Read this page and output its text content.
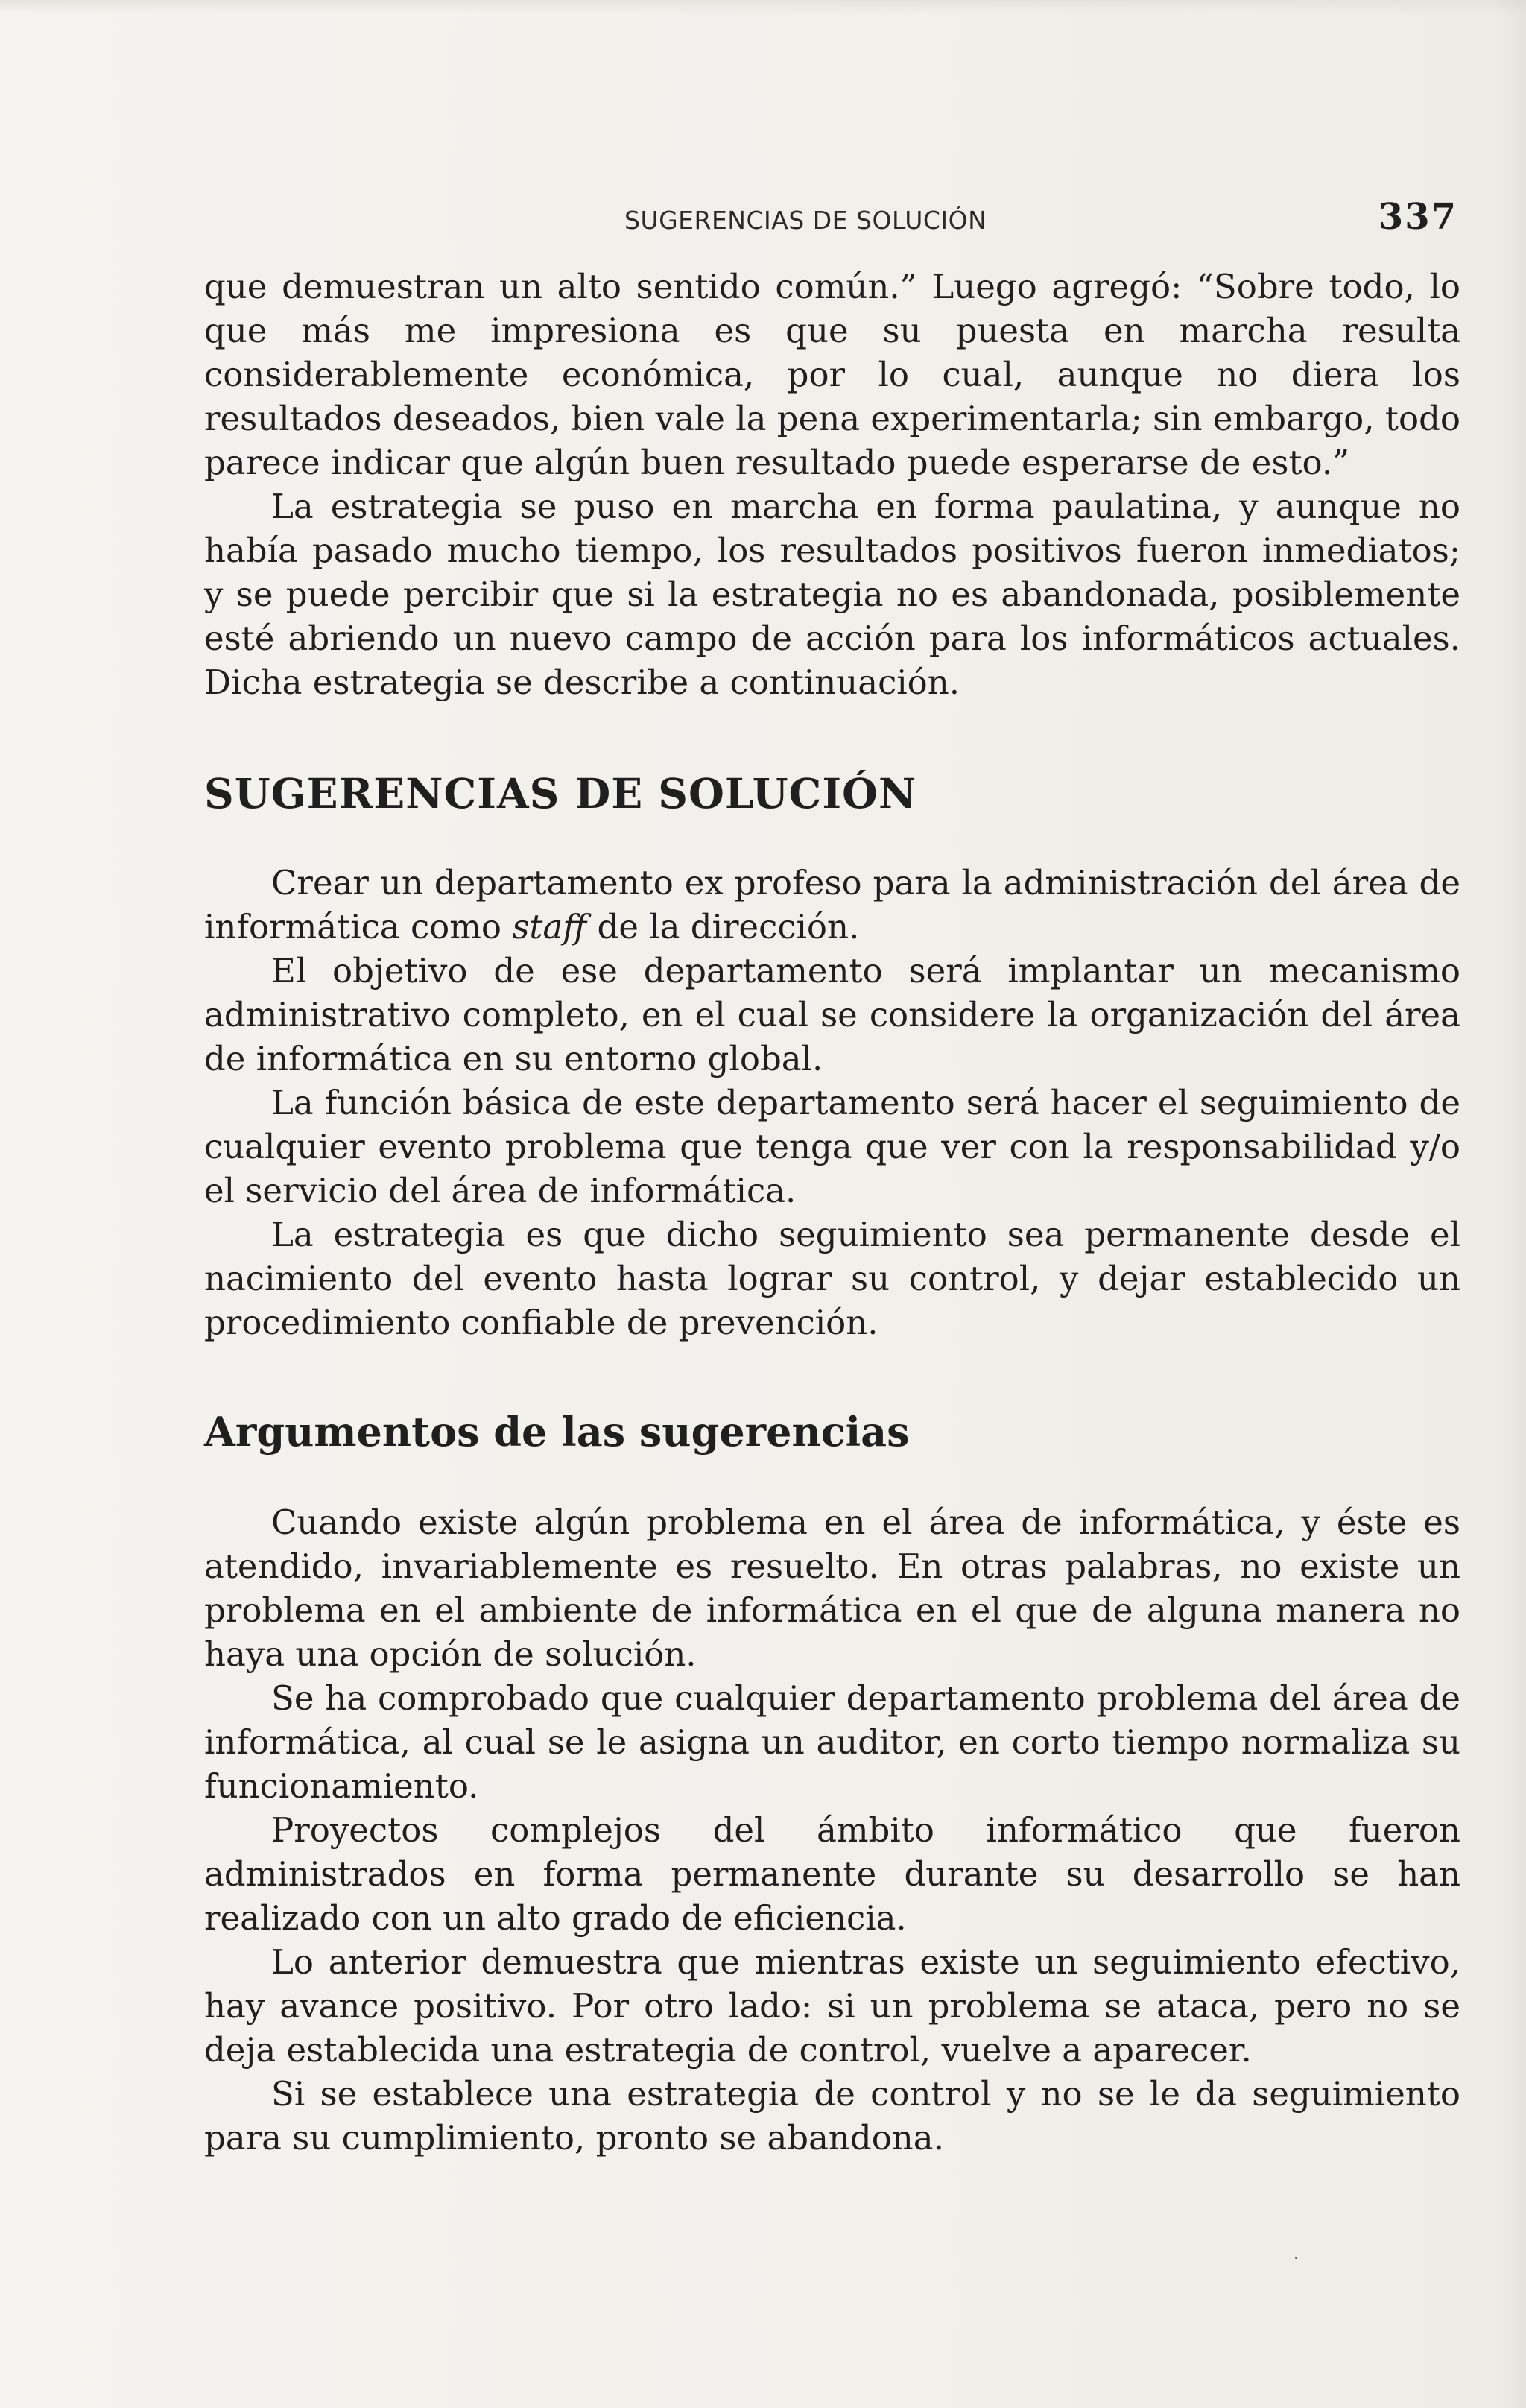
SUGERENCIAS DE SOLUCIÓN	337

que demuestran un alto sentido común.” Luego agregó: “Sobre todo, lo que más me impresiona es que su puesta en marcha resulta considerablemente económica, por lo cual, aunque no diera los resultados deseados, bien vale la pena experimentarla; sin embargo, todo parece indicar que algún buen resultado puede esperarse de esto.”

La estrategia se puso en marcha en forma paulatina, y aunque no había pasado mucho tiempo, los resultados positivos fueron inmediatos; y se puede percibir que si la estrategia no es abandonada, posiblemente esté abriendo un nuevo campo de acción para los informáticos actuales. Dicha estrategia se describe a continuación.

SUGERENCIAS DE SOLUCIÓN

Crear un departamento ex profeso para la administración del área de informática como staff de la dirección.

El objetivo de ese departamento será implantar un mecanismo administrativo completo, en el cual se considere la organización del área de informática en su entorno global.

La función básica de este departamento será hacer el seguimiento de cualquier evento problema que tenga que ver con la responsabilidad y/o el servicio del área de informática.

La estrategia es que dicho seguimiento sea permanente desde el nacimiento del evento hasta lograr su control, y dejar establecido un procedimiento confiable de prevención.

Argumentos de las sugerencias

Cuando existe algún problema en el área de informática, y éste es atendido, invariablemente es resuelto. En otras palabras, no existe un problema en el ambiente de informática en el que de alguna manera no haya una opción de solución.

Se ha comprobado que cualquier departamento problema del área de informática, al cual se le asigna un auditor, en corto tiempo normaliza su funcionamiento.

Proyectos complejos del ámbito informático que fueron administrados en forma permanente durante su desarrollo se han realizado con un alto grado de eficiencia.

Lo anterior demuestra que mientras existe un seguimiento efectivo, hay avance positivo. Por otro lado: si un problema se ataca, pero no se deja establecida una estrategia de control, vuelve a aparecer.

Si se establece una estrategia de control y no se le da seguimiento para su cumplimiento, pronto se abandona.
